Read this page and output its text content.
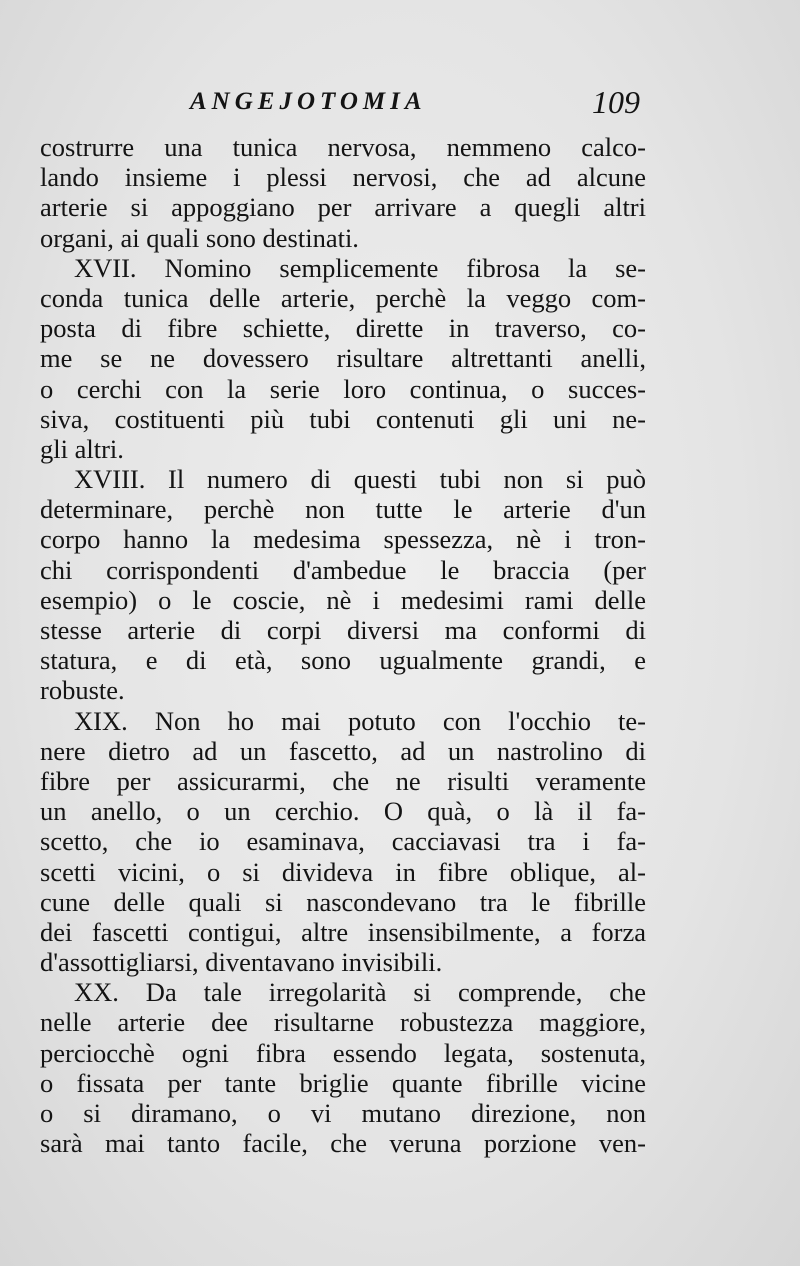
ANGEJOTOMIA	109
costrurre una tunica nervosa, nemmeno calco-
lando insieme i plessi nervosi, che ad alcune
arterie si appoggiano per arrivare a quegli altri
organi, ai quali sono destinati.
XVII. Nomino semplicemente fibrosa la se-
conda tunica delle arterie, perchè la veggo com-
posta di fibre schiette, dirette in traverso, co-
me se ne dovessero risultare altrettanti anelli,
o cerchi con la serie loro continua, o succes-
siva, costituenti più tubi contenuti gli uni ne-
gli altri.
XVIII. Il numero di questi tubi non si può
determinare, perchè non tutte le arterie d'un
corpo hanno la medesima spessezza, nè i tron-
chi corrispondenti d'ambedue le braccia (per
esempio) o le coscie, nè i medesimi rami delle
stesse arterie di corpi diversi ma conformi di
statura, e di età, sono ugualmente grandi, e
robuste.
XIX. Non ho mai potuto con l'occhio te-
nere dietro ad un fascetto, ad un nastrolino di
fibre per assicurarmi, che ne risulti veramente
un anello, o un cerchio. O quà, o là il fa-
scetto, che io esaminava, cacciavasi tra i fa-
scetti vicini, o si divideva in fibre oblique, al-
cune delle quali si nascondevano tra le fibrille
dei fascetti contigui, altre insensibilmente, a forza
d'assottigliarsi, diventavano invisibili.
XX. Da tale irregolarità si comprende, che
nelle arterie dee risultarne robustezza maggiore,
perciocchè ogni fibra essendo legata, sostenuta,
o fissata per tante briglie quante fibrille vicine
o si diramano, o vi mutano direzione, non
sarà mai tanto facile, che veruna porzione ven-
